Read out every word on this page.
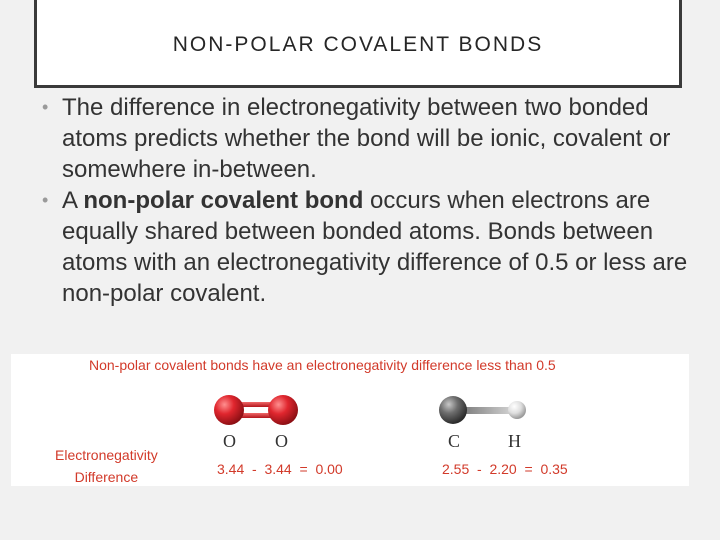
NON-POLAR COVALENT BONDS

• The difference in electronegativity between two bonded atoms predicts whether the bond will be ionic, covalent or somewhere in-between.

• A non-polar covalent bond occurs when electrons are equally shared between bonded atoms. Bonds between atoms with an electronegativity difference of 0.5 or less are non-polar covalent.

Non-polar covalent bonds have an electronegativity difference less than 0.5
O O	C	H
Electronegativity
Difference	3.44  -  3.44  =  0.00	2.55  -  2.20  =  0.35
